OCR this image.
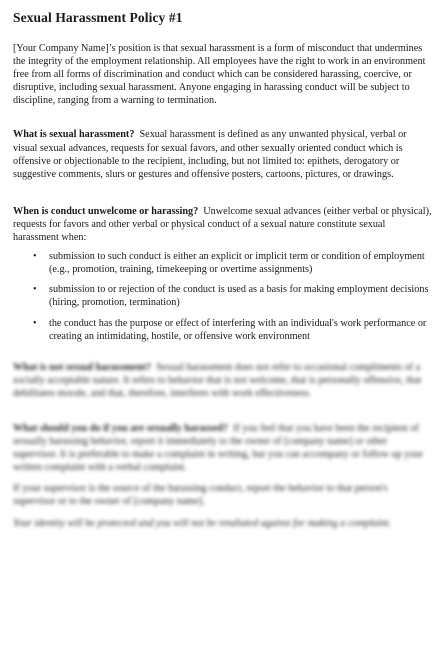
Sexual Harassment Policy #1

[Your Company Name]’s position is that sexual harassment is a form of misconduct that undermines the integrity of the employment relationship. All employees have the right to work in an environment free from all forms of discrimination and conduct which can be considered harassing, coercive, or disruptive, including sexual harassment. Anyone engaging in harassing conduct will be subject to discipline, ranging from a warning to termination.

What is sexual harassment? Sexual harassment is defined as any unwanted physical, verbal or visual sexual advances, requests for sexual favors, and other sexually oriented conduct which is offensive or objectionable to the recipient, including, but not limited to: epithets, derogatory or suggestive comments, slurs or gestures and offensive posters, cartoons, pictures, or drawings.

When is conduct unwelcome or harassing? Unwelcome sexual advances (either verbal or physical), requests for favors and other verbal or physical conduct of a sexual nature constitute sexual harassment when:

• submission to such conduct is either an explicit or implicit term or condition of employment (e.g., promotion, training, timekeeping or overtime assignments)
• submission to or rejection of the conduct is used as a basis for making employment decisions (hiring, promotion, termination)
• the conduct has the purpose or effect of interfering with an individual's work performance or creating an intimidating, hostile, or offensive work environment

What is not sexual harassment? Sexual harassment does not refer to occasional compliments of a socially acceptable nature. It refers to behavior that is not welcome, that is personally offensive, that debilitates morale, and that, therefore, interferes with work effectiveness.

What should you do if you are sexually harassed? If you feel that you have been the recipient of sexually harassing behavior, report it immediately to the owner of [company name] or other supervisor. It is preferable to make a complaint in writing, but you can accompany or follow up your written complaint with a verbal complaint.

If your supervisor is the source of the harassing conduct, report the behavior to that person's supervisor or to the owner of [company name].

Your identity will be protected and you will not be retaliated against for making a complaint.
